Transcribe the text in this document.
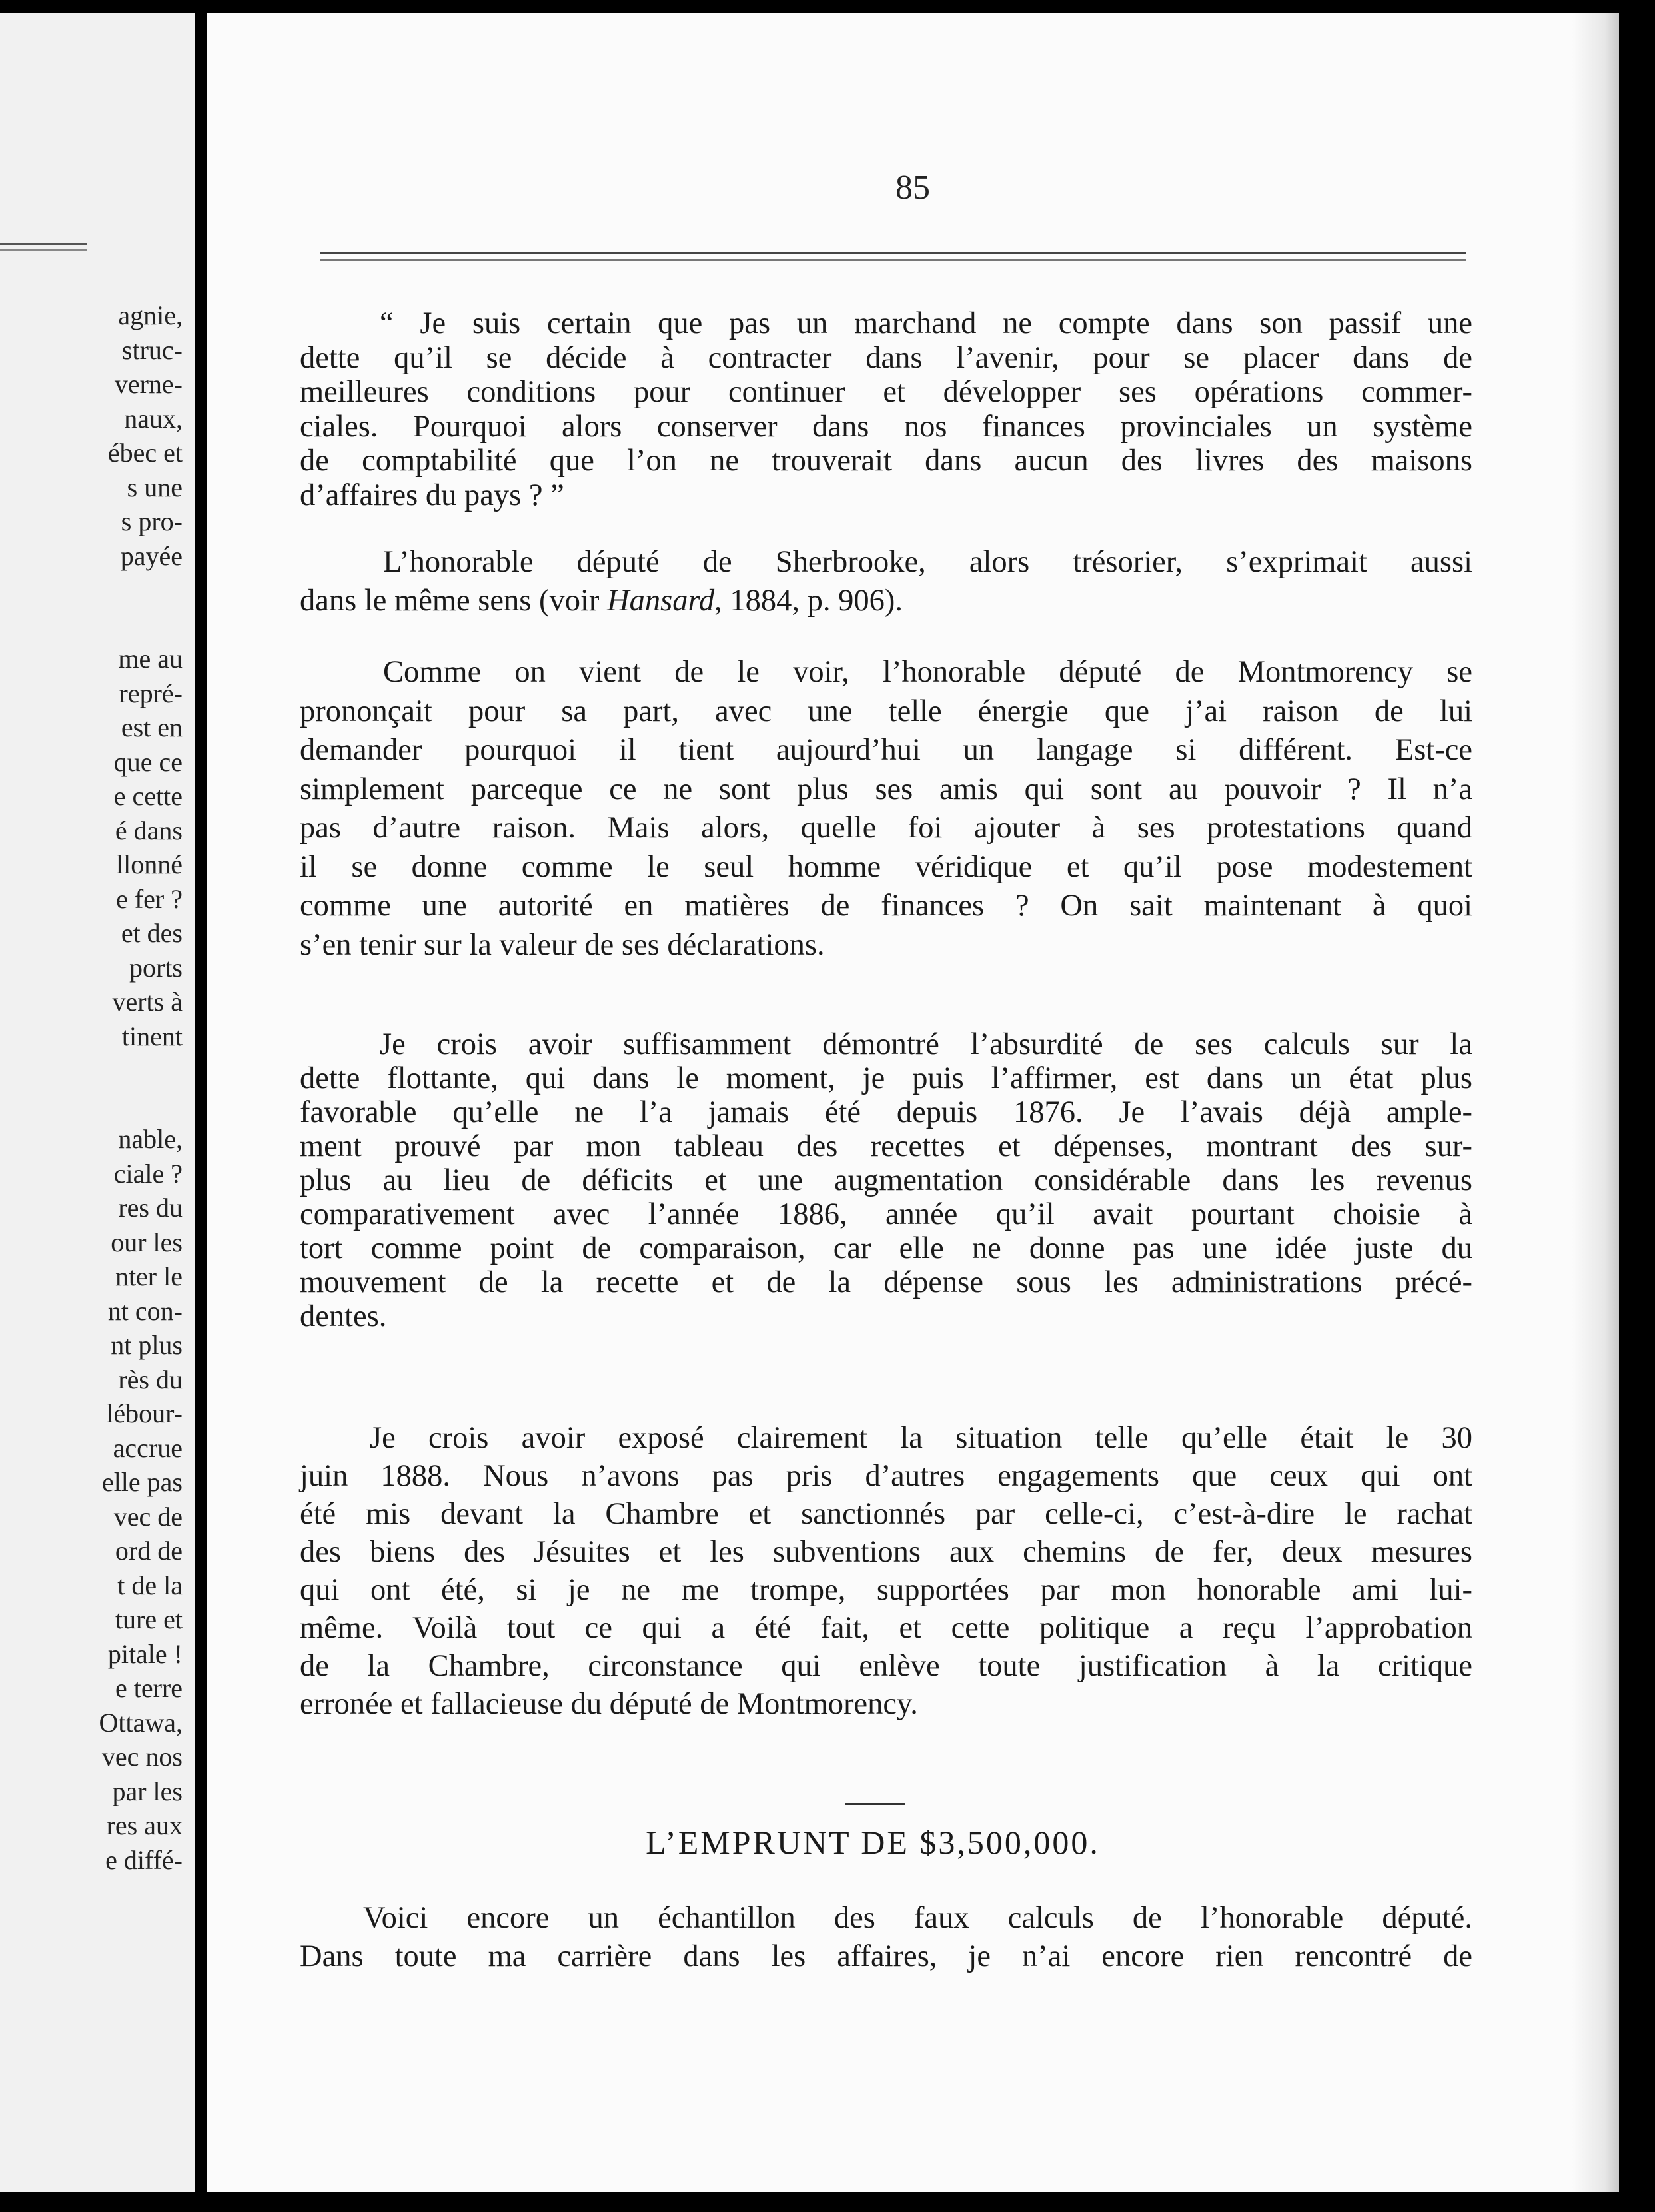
agnie,
struc-
verne-
naux,
ébec et
s une
s pro-
payée
me au
repré-
est en
que ce
e cette
é dans
llonné
e fer ?
et des
ports
verts à
tinent
nable,
ciale ?
res du
our les
nter le
nt con-
nt plus
rès du
lébour-
accrue
elle pas
vec de
ord de
t de la
ture et
pitale !
e terre
Ottawa,
vec nos
par les
res aux
e diffé-
85
“ Je suis certain que pas un marchand ne compte dans son passif une
dette qu’il se décide à contracter dans l’avenir, pour se placer dans de
meilleures conditions pour continuer et développer ses opérations commer-
ciales. Pourquoi alors conserver dans nos finances provinciales un système
de comptabilité que l’on ne trouverait dans aucun des livres des maisons
d’affaires du pays ? ”
L’honorable député de Sherbrooke, alors trésorier, s’exprimait aussi
dans le même sens (voir Hansard, 1884, p. 906).
Comme on vient de le voir, l’honorable député de Montmorency se
prononçait pour sa part, avec une telle énergie que j’ai raison de lui
demander pourquoi il tient aujourd’hui un langage si différent. Est-ce
simplement parceque ce ne sont plus ses amis qui sont au pouvoir ? Il n’a
pas d’autre raison. Mais alors, quelle foi ajouter à ses protestations quand
il se donne comme le seul homme véridique et qu’il pose modestement
comme une autorité en matières de finances ? On sait maintenant à quoi
s’en tenir sur la valeur de ses déclarations.
Je crois avoir suffisamment démontré l’absurdité de ses calculs sur la
dette flottante, qui dans le moment, je puis l’affirmer, est dans un état plus
favorable qu’elle ne l’a jamais été depuis 1876. Je l’avais déjà ample-
ment prouvé par mon tableau des recettes et dépenses, montrant des sur-
plus au lieu de déficits et une augmentation considérable dans les revenus
comparativement avec l’année 1886, année qu’il avait pourtant choisie à
tort comme point de comparaison, car elle ne donne pas une idée juste du
mouvement de la recette et de la dépense sous les administrations précé-
dentes.
Je crois avoir exposé clairement la situation telle qu’elle était le 30
juin 1888. Nous n’avons pas pris d’autres engagements que ceux qui ont
été mis devant la Chambre et sanctionnés par celle-ci, c’est-à-dire le rachat
des biens des Jésuites et les subventions aux chemins de fer, deux mesures
qui ont été, si je ne me trompe, supportées par mon honorable ami lui-
même. Voilà tout ce qui a été fait, et cette politique a reçu l’approbation
de la Chambre, circonstance qui enlève toute justification à la critique
erronée et fallacieuse du député de Montmorency.
L’EMPRUNT DE $3,500,000.
Voici encore un échantillon des faux calculs de l’honorable député.
Dans toute ma carrière dans les affaires, je n’ai encore rien rencontré de
